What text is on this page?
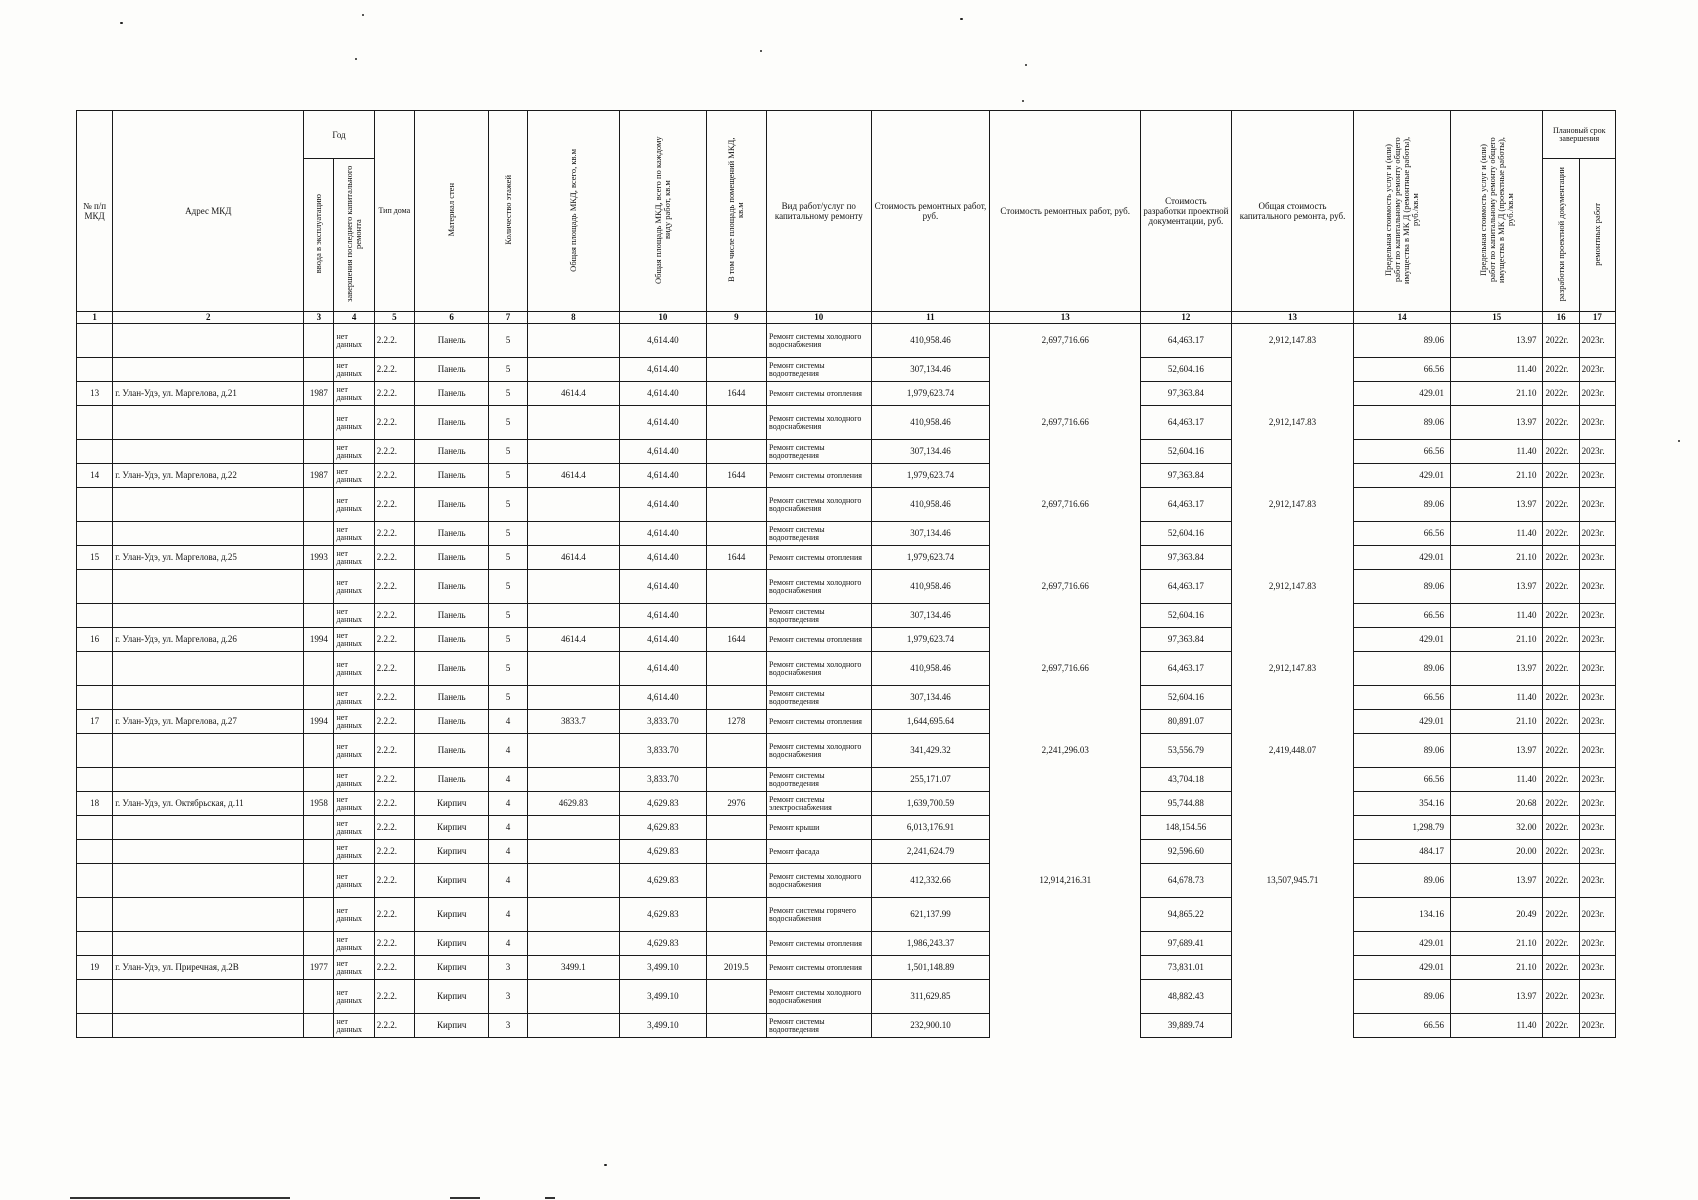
№ п/п МКД	Адрес МКД	Год		Тип дома	Материал стен	Количество этажей	Общая площадь МКД, всего, кв.м	Общая площадь МКД, всего по каждому виду работ, кв.м	В том числе площадь помещений МКД, кв.м	Вид работ/услуг по капитальному ремонту	Стоимость ремонтных работ, руб.	Стоимость ремонтных работ, руб.	Стоимость разработки проектной документации, руб.	Общая стоимость капитального ремонта, руб.	Предельная стоимость услуг и (или) работ по капитальному ремонту общего имущества в МК Д (ремонтные работы), руб./кв.м	Предельная стоимость услуг и (или) работ по капитальному ремонту общего имущества в МК Д (проектные работы), руб./кв.м	Плановый срок завершения	
		ввода в эксплуатацию	завершения последнего капитального ремонта														разработки проектной документации	ремонтных работ
1	2	3	4	5	6	7	8	10	9	10	11	13	12	13	14	15	16	17
			нет данных	2.2.2.	Панель	5		4,614.40		Ремонт системы холодного водоснабжения	410,958.46	2,697,716.66	64,463.17	2,912,147.83	89.06	13.97	2022г.	2023г.
			нет данных	2.2.2.	Панель	5		4,614.40		Ремонт системы водоотведения	307,134.46		52,604.16		66.56	11.40	2022г.	2023г.
13	г. Улан-Удэ, ул. Маргелова, д.21	1987	нет данных	2.2.2.	Панель	5	4614.4	4,614.40	1644	Ремонт системы отопления	1,979,623.74		97,363.84		429.01	21.10	2022г.	2023г.
			нет данных	2.2.2.	Панель	5		4,614.40		Ремонт системы холодного водоснабжения	410,958.46	2,697,716.66	64,463.17	2,912,147.83	89.06	13.97	2022г.	2023г.
			нет данных	2.2.2.	Панель	5		4,614.40		Ремонт системы водоотведения	307,134.46		52,604.16		66.56	11.40	2022г.	2023г.
14	г. Улан-Удэ, ул. Маргелова, д.22	1987	нет данных	2.2.2.	Панель	5	4614.4	4,614.40	1644	Ремонт системы отопления	1,979,623.74		97,363.84		429.01	21.10	2022г.	2023г.
			нет данных	2.2.2.	Панель	5		4,614.40		Ремонт системы холодного водоснабжения	410,958.46	2,697,716.66	64,463.17	2,912,147.83	89.06	13.97	2022г.	2023г.
			нет данных	2.2.2.	Панель	5		4,614.40		Ремонт системы водоотведения	307,134.46		52,604.16		66.56	11.40	2022г.	2023г.
15	г. Улан-Удэ, ул. Маргелова, д.25	1993	нет данных	2.2.2.	Панель	5	4614.4	4,614.40	1644	Ремонт системы отопления	1,979,623.74		97,363.84		429.01	21.10	2022г.	2023г.
			нет данных	2.2.2.	Панель	5		4,614.40		Ремонт системы холодного водоснабжения	410,958.46	2,697,716.66	64,463.17	2,912,147.83	89.06	13.97	2022г.	2023г.
			нет данных	2.2.2.	Панель	5		4,614.40		Ремонт системы водоотведения	307,134.46		52,604.16		66.56	11.40	2022г.	2023г.
16	г. Улан-Удэ, ул. Маргелова, д.26	1994	нет данных	2.2.2.	Панель	5	4614.4	4,614.40	1644	Ремонт системы отопления	1,979,623.74		97,363.84		429.01	21.10	2022г.	2023г.
			нет данных	2.2.2.	Панель	5		4,614.40		Ремонт системы холодного водоснабжения	410,958.46	2,697,716.66	64,463.17	2,912,147.83	89.06	13.97	2022г.	2023г.
			нет данных	2.2.2.	Панель	5		4,614.40		Ремонт системы водоотведения	307,134.46		52,604.16		66.56	11.40	2022г.	2023г.
17	г. Улан-Удэ, ул. Маргелова, д.27	1994	нет данных	2.2.2.	Панель	4	3833.7	3,833.70	1278	Ремонт системы отопления	1,644,695.64		80,891.07		429.01	21.10	2022г.	2023г.
			нет данных	2.2.2.	Панель	4		3,833.70		Ремонт системы холодного водоснабжения	341,429.32	2,241,296.03	53,556.79	2,419,448.07	89.06	13.97	2022г.	2023г.
			нет данных	2.2.2.	Панель	4		3,833.70		Ремонт системы водоотведения	255,171.07		43,704.18		66.56	11.40	2022г.	2023г.
18	г. Улан-Удэ, ул. Октябрьская, д.11	1958	нет данных	2.2.2.	Кирпич	4	4629.83	4,629.83	2976	Ремонт системы электроснабжения	1,639,700.59		95,744.88		354.16	20.68	2022г.	2023г.
			нет данных	2.2.2.	Кирпич	4		4,629.83		Ремонт крыши	6,013,176.91		148,154.56		1,298.79	32.00	2022г.	2023г.
			нет данных	2.2.2.	Кирпич	4		4,629.83		Ремонт фасада	2,241,624.79		92,596.60		484.17	20.00	2022г.	2023г.
			нет данных	2.2.2.	Кирпич	4		4,629.83		Ремонт системы холодного водоснабжения	412,332.66	12,914,216.31	64,678.73	13,507,945.71	89.06	13.97	2022г.	2023г.
			нет данных	2.2.2.	Кирпич	4		4,629.83		Ремонт системы горячего водоснабжения	621,137.99		94,865.22		134.16	20.49	2022г.	2023г.
			нет данных	2.2.2.	Кирпич	4		4,629.83		Ремонт системы отопления	1,986,243.37		97,689.41		429.01	21.10	2022г.	2023г.
19	г. Улан-Удэ, ул. Приречная, д.2В	1977	нет данных	2.2.2.	Кирпич	3	3499.1	3,499.10	2019.5	Ремонт системы отопления	1,501,148.89		73,831.01		429.01	21.10	2022г.	2023г.
			нет данных	2.2.2.	Кирпич	3		3,499.10		Ремонт системы холодного водоснабжения	311,629.85		48,882.43		89.06	13.97	2022г.	2023г.
			нет данных	2.2.2.	Кирпич	3		3,499.10		Ремонт системы водоотведения	232,900.10		39,889.74		66.56	11.40	2022г.	2023г.
